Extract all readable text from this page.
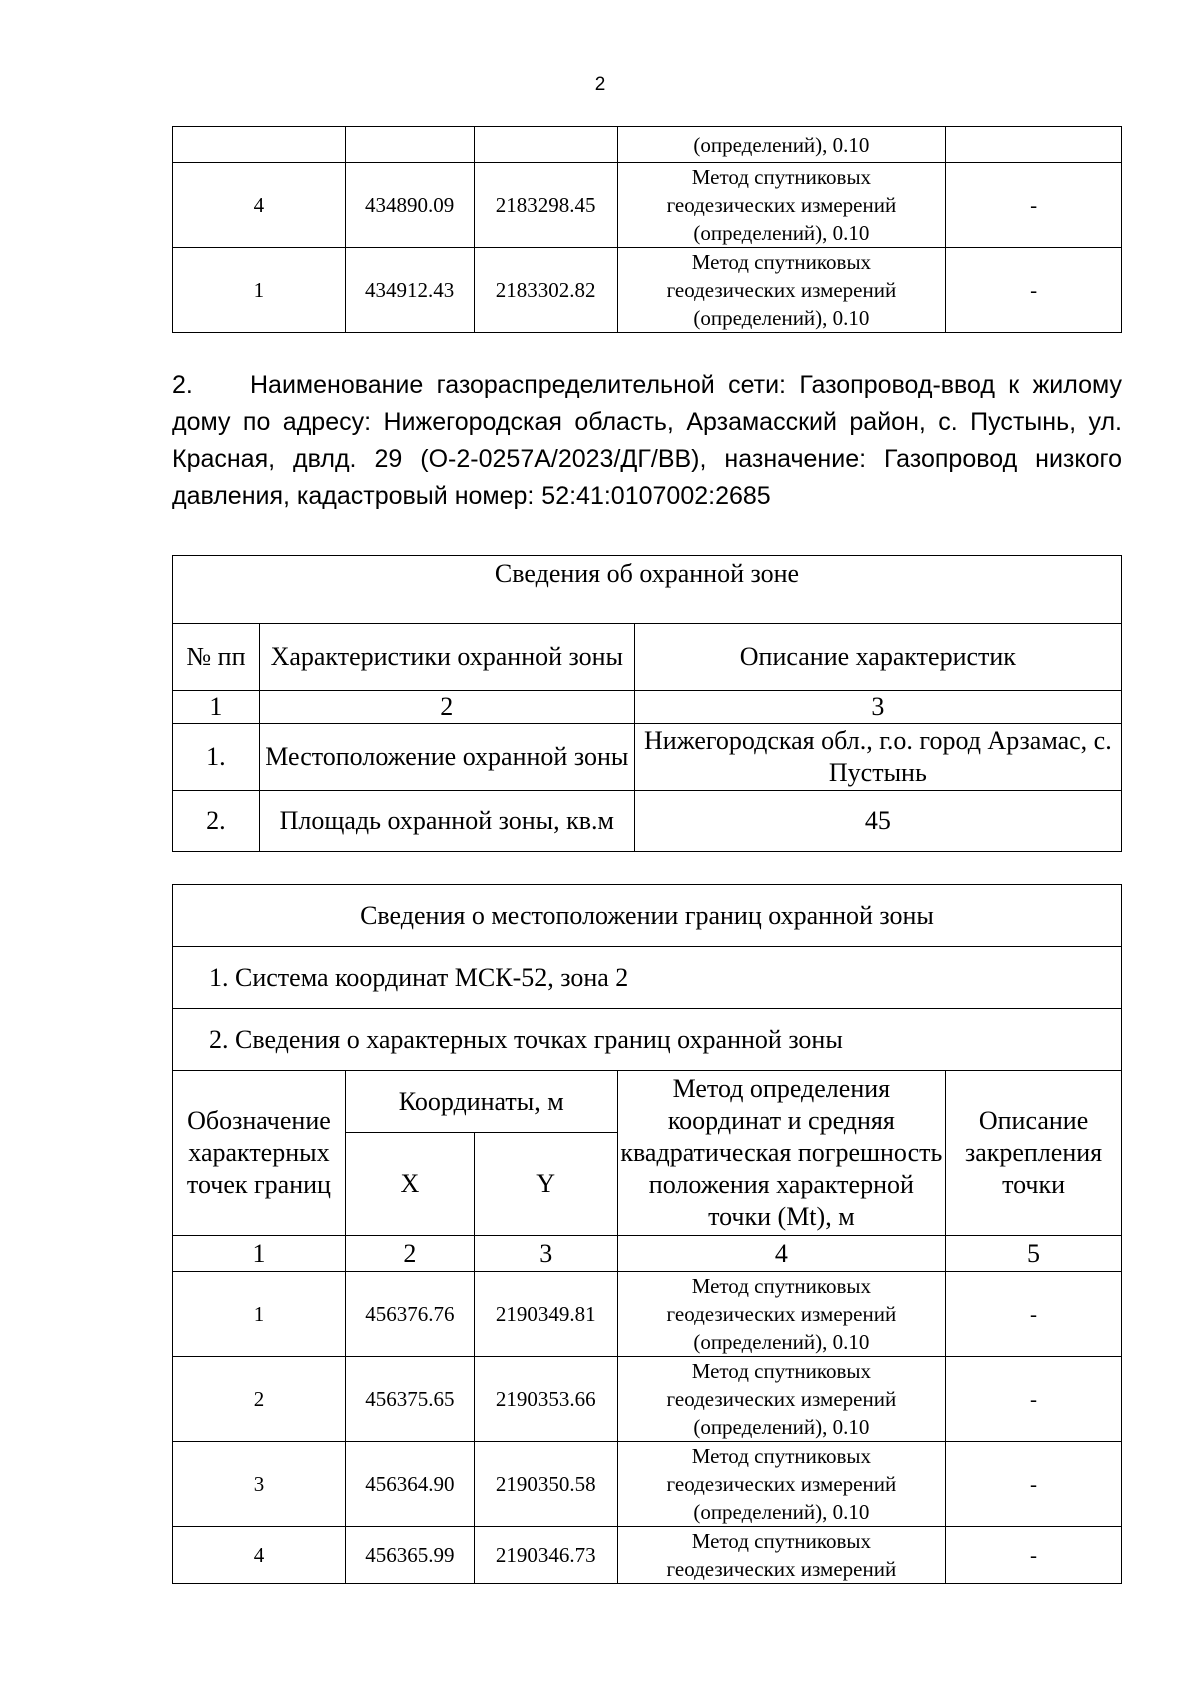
2
			(определений), 0.10	
4	434890.09	2183298.45	Метод спутниковых
геодезических измерений
(определений), 0.10	-
1	434912.43	2183302.82	Метод спутниковых
геодезических измерений
(определений), 0.10	-

2. Наименование газораспределительной сети: Газопровод-ввод к жилому дому по адресу: Нижегородская область, Арзамасский район, с. Пустынь, ул. Красная, двлд. 29 (О-2-0257А/2023/ДГ/ВВ), назначение: Газопровод низкого давления, кадастровый номер: 52:41:0107002:2685

Сведения об охранной зоне		
№ пп	Характеристики охранной зоны	Описание характеристик
1	2	3
1.	Местоположение охранной зоны	Нижегородская обл., г.о. город Арзамас, с. Пустынь
2.	Площадь охранной зоны, кв.м	45
Сведения о местоположении границ охранной зоны				
1. Система координат МСК-52, зона 2				
2. Сведения о характерных точках границ охранной зоны				
Обозначение характерных точек границ	Координаты, м		Метод определения координат и средняя квадратическая погрешность положения характерной точки (Mt), м	Описание закрепления точки
	X	Y		
1	2	3	4	5
1	456376.76	2190349.81	Метод спутниковых
геодезических измерений
(определений), 0.10	-
2	456375.65	2190353.66	Метод спутниковых
геодезических измерений
(определений), 0.10	-
3	456364.90	2190350.58	Метод спутниковых
геодезических измерений
(определений), 0.10	-
4	456365.99	2190346.73	Метод спутниковых
геодезических измерений	-
